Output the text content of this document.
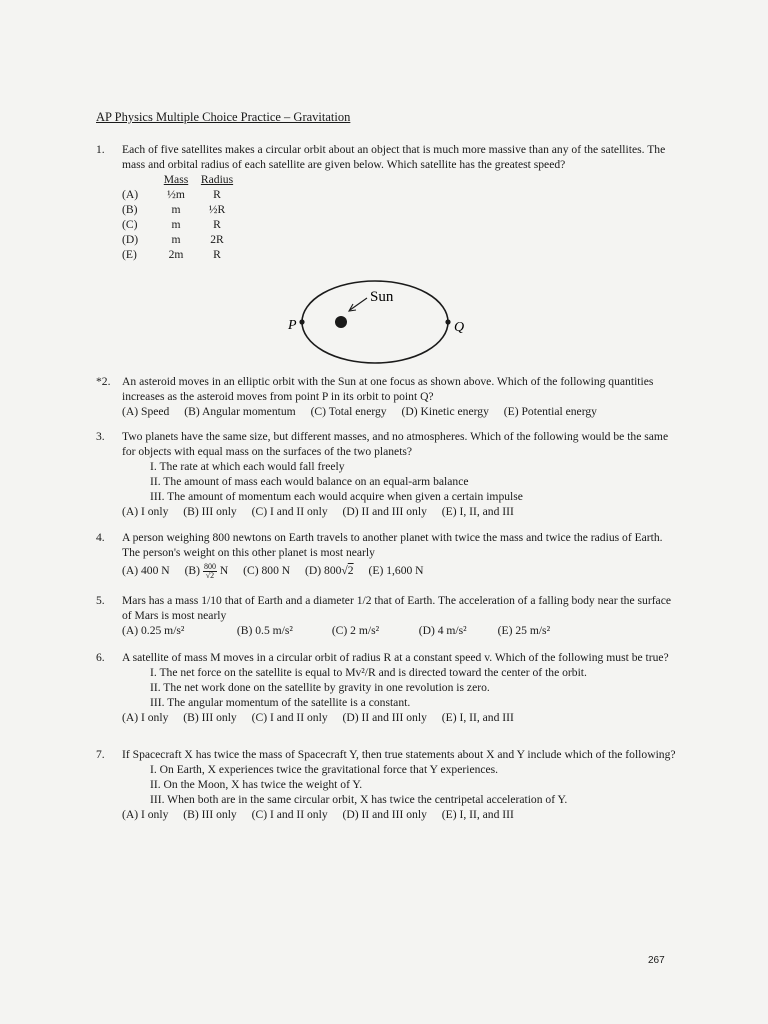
AP Physics Multiple Choice Practice – Gravitation
1.	Each of five satellites makes a circular orbit about an object that is much more massive than any of the satellites. The mass and orbital radius of each satellite are given below. Which satellite has the greatest speed?

	Mass	Radius
(A)	½m	R
(B)	m	½R
(C)	m	R
(D)	m	2R
(E)	2m	R
Sun
P	Q
*2. An asteroid moves in an elliptic orbit with the Sun at one focus as shown above. Which of the following quantities increases as the asteroid moves from point P in its orbit to point Q?

(A) Speed (B) Angular momentum (C) Total energy (D) Kinetic energy (E) Potential energy

3.	Two planets have the same size, but different masses, and no atmospheres. Which of the following would be the same for objects with equal mass on the surfaces of the two planets?

I. The rate at which each would fall freely

II. The amount of mass each would balance on an equal-arm balance

III. The amount of momentum each would acquire when given a certain impulse

(A) I only (B) III only (C) I and II only (D) II and III only (E) I, II, and III

4.	A person weighing 800 newtons on Earth travels to another planet with twice the mass and twice the radius of Earth. The person's weight on this other planet is most nearly

(A) 400 N $(B) \frac{800}{√2}$ N (C) 800 N (D) 800√2 (E) 1,600 N

5.	Mars has a mass 1/10 that of Earth and a diameter 1/2 that of Earth. The acceleration of a falling body near the surface of Mars is most nearly

(A) 0.25 m/s²	(B) 0.5 m/s²	(C) 2 m/s²	(D) 4 m/s²	(E) 25 m/s²

6.	A satellite of mass M moves in a circular orbit of radius R at a constant speed v. Which of the following must be true?

I. The net force on the satellite is equal to Mv²/R and is directed toward the center of the orbit.

II. The net work done on the satellite by gravity in one revolution is zero.

III. The angular momentum of the satellite is a constant.

(A) I only (B) III only (C) I and II only (D) II and III only (E) I, II, and III

7.	If Spacecraft X has twice the mass of Spacecraft Y, then true statements about X and Y include which of the following?

I. On Earth, X experiences twice the gravitational force that Y experiences.

II. On the Moon, X has twice the weight of Y.

III. When both are in the same circular orbit, X has twice the centripetal acceleration of Y.

(A) I only (B) III only (C) I and II only (D) II and III only (E) I, II, and III

267
